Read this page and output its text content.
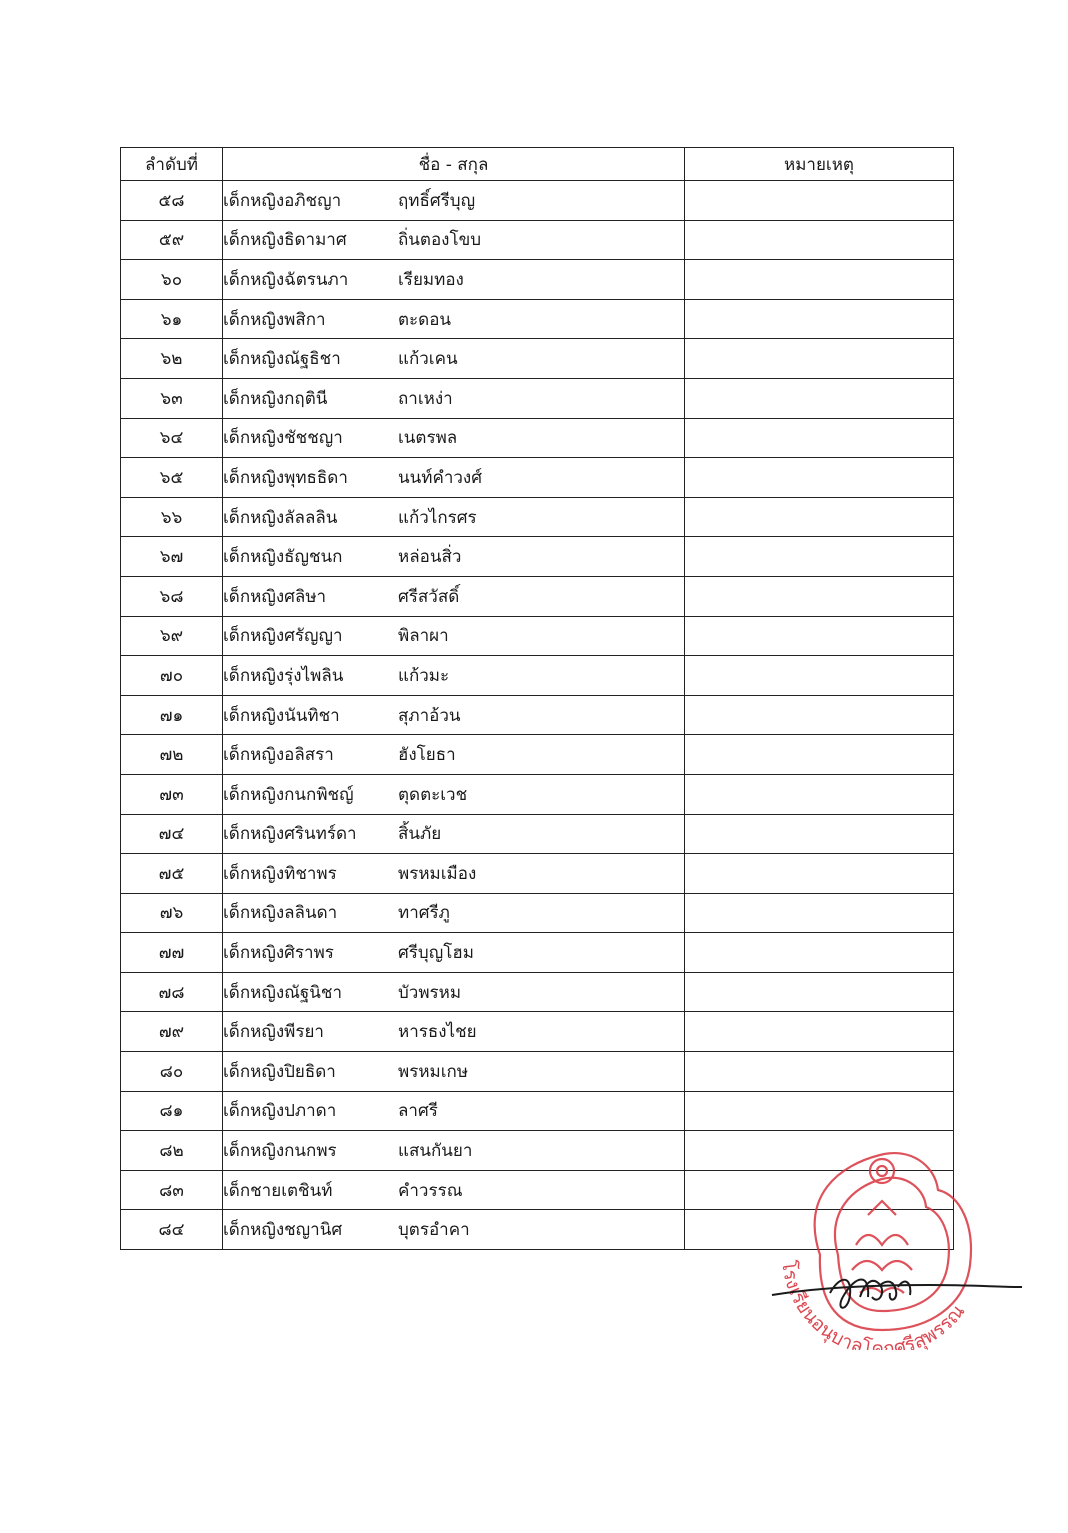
ลำดับที่	ชื่อ - สกุล	หมายเหตุ
๕๘	เด็กหญิงอภิชญา ฤทธิ์ศรีบุญ	
๕๙	เด็กหญิงธิดามาศ ถิ่นตองโขบ	
๖๐	เด็กหญิงฉัตรนภา เรียมทอง	
๖๑	เด็กหญิงพสิกา ตะดอน	
๖๒	เด็กหญิงณัฐธิชา แก้วเคน	
๖๓	เด็กหญิงกฤตินี ถาเหง่า	
๖๔	เด็กหญิงชัชชญา เนตรพล	
๖๕	เด็กหญิงพุทธธิดา นนท์คำวงศ์	
๖๖	เด็กหญิงลัลลลิน แก้วไกรศร	
๖๗	เด็กหญิงธัญชนก หล่อนสิ่ว	
๖๘	เด็กหญิงศลิษา ศรีสวัสดิ์	
๖๙	เด็กหญิงศรัญญา พิลาผา	
๗๐	เด็กหญิงรุ่งไพลิน แก้วมะ	
๗๑	เด็กหญิงนันทิชา สุภาอ้วน	
๗๒	เด็กหญิงอลิสรา ฮังโยธา	
๗๓	เด็กหญิงกนกพิชญ์ ตุดตะเวช	
๗๔	เด็กหญิงศรินทร์ดา สิ้นภัย	
๗๕	เด็กหญิงทิชาพร พรหมเมือง	
๗๖	เด็กหญิงลลินดา ทาศรีภู	
๗๗	เด็กหญิงศิราพร ศรีบุญโฮม	
๗๘	เด็กหญิงณัฐนิชา บัวพรหม	
๗๙	เด็กหญิงพีรยา หารธงไชย	
๘๐	เด็กหญิงปิยธิดา พรหมเกษ	
๘๑	เด็กหญิงปภาดา ลาศรี	
๘๒	เด็กหญิงกนกพร แสนกันยา	
๘๓	เด็กชายเตชินท์ คำวรรณ	
๘๔	เด็กหญิงชญานิศ บุตรอำคา	
โรงเรียนอนุบาลโคกศรีสุพรรณ
